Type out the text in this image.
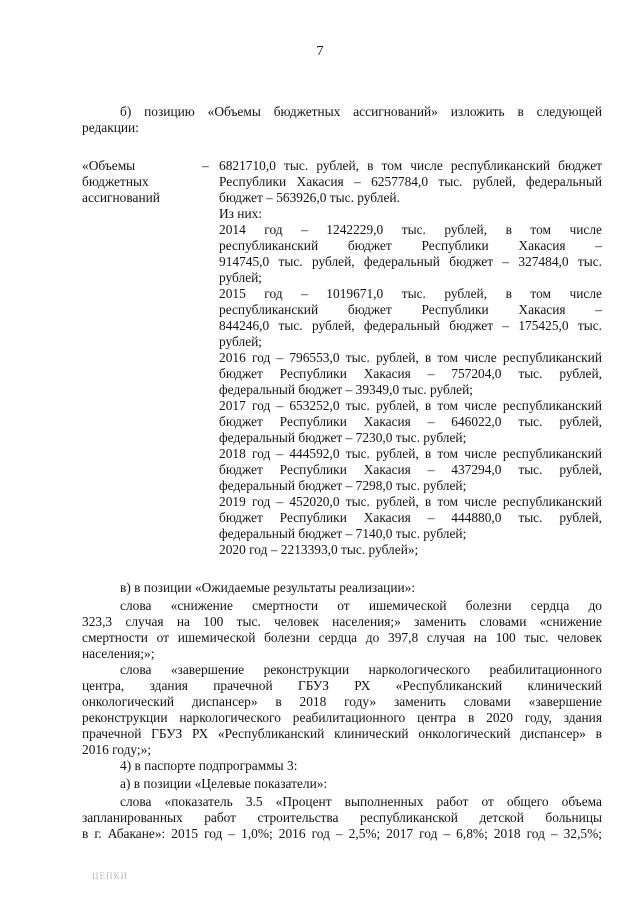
7
б) позицию «Объемы бюджетных ассигнований» изложить в следующей
редакции:
«Объемы
бюджетных
ассигнований
– 6821710,0 тыс. рублей, в том числе республиканский бюджет
Республики Хакасия – 6257784,0 тыс. рублей, федеральный
бюджет – 563926,0 тыс. рублей.
Из них:
2014 год – 1242229,0 тыс. рублей, в том числе
республиканский бюджет Республики Хакасия –
914745,0 тыс. рублей, федеральный бюджет – 327484,0 тыс.
рублей;
2015 год – 1019671,0 тыс. рублей, в том числе
республиканский бюджет Республики Хакасия –
844246,0 тыс. рублей, федеральный бюджет – 175425,0 тыс.
рублей;
2016 год – 796553,0 тыс. рублей, в том числе республиканский
бюджет Республики Хакасия – 757204,0 тыс. рублей,
федеральный бюджет – 39349,0 тыс. рублей;
2017 год – 653252,0 тыс. рублей, в том числе республиканский
бюджет Республики Хакасия – 646022,0 тыс. рублей,
федеральный бюджет – 7230,0 тыс. рублей;
2018 год – 444592,0 тыс. рублей, в том числе республиканский
бюджет Республики Хакасия – 437294,0 тыс. рублей,
федеральный бюджет – 7298,0 тыс. рублей;
2019 год – 452020,0 тыс. рублей, в том числе республиканский
бюджет Республики Хакасия – 444880,0 тыс. рублей,
федеральный бюджет – 7140,0 тыс. рублей;
2020 год – 2213393,0 тыс. рублей»;
в) в позиции «Ожидаемые результаты реализации»:
слова «снижение смертности от ишемической болезни сердца до
323,3 случая на 100 тыс. человек населения;» заменить словами «снижение
смертности от ишемической болезни сердца до 397,8 случая на 100 тыс. человек
населения;»;
слова «завершение реконструкции наркологического реабилитационного
центра, здания прачечной ГБУЗ РХ «Республиканский клинический
онкологический диспансер» в 2018 году» заменить словами «завершение
реконструкции наркологического реабилитационного центра в 2020 году, здания
прачечной ГБУЗ РХ «Республиканский клинический онкологический диспансер» в
2016 году;»;
4) в паспорте подпрограммы 3:
а) в позиции «Целевые показатели»:
слова «показатель 3.5 «Процент выполненных работ от общего объема
запланированных работ строительства республиканской детской больницы
в г. Абакане»: 2015 год – 1,0%; 2016 год – 2,5%; 2017 год – 6,8%; 2018 год – 32,5%;
ЦЕПКИ
